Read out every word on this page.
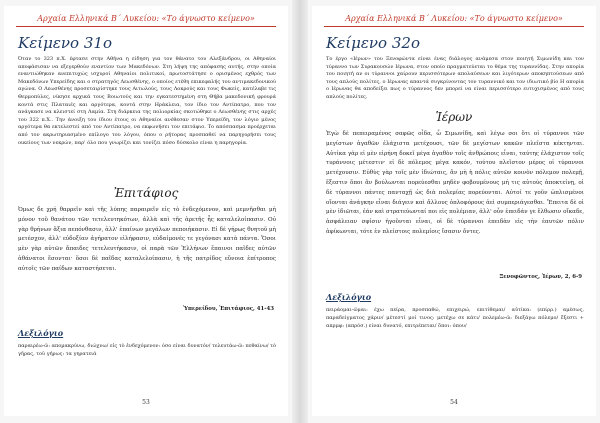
Αρχαία Ελληνικά Β΄ Λυκείου: «Το άγνωστο κείμενο»
Κείμενο 31ο
Όταν το 323 π.Χ. έφτασε στην Αθήνα η είδηση για τον θάνατο του Αλεξάνδρου, οι Αθηναίοι αποφάσισαν να εξεγερθούν εναντίον των Μακεδόνων. Στη λήψη της απόφασης αυτής, στην οποία εναντιώθηκαν ανεπιτυχώς ισχυροί Αθηναίοι πολιτικοί, πρωτοστάτησε ο ορισμένος εχθρός των Μακεδόνων Υπερείδης και ο στρατηγός Λεωσθένης, ο οποίος ετέθη επικεφαλής του αντιμακεδονικού αγώνα. Ο Λεωσθένης προσεταιρίστηκε τους Αιτωλούς, τους Λοκρούς και τους Φωκείς, κατέλαβε τις Θερμοπύλες, νίκησε αρχικά τους Βοιωτούς και την εγκατεστημένη στη Θήβα μακεδονική φρουρά κοντά στις Πλαταιές και αργότερα, κοντά στην Ηράκλεια, τον ίδιο τον Αντίπατρο, που τον ανάγκασε να κλειστεί στη Λαμία. Στη διάρκεια της πολιορκίας σκοτώθηκε ο Λεωσθένης στις αρχές του 322 π.Χ.. Την άνοιξη του ίδιου έτους οι Αθηναίοι ανέθεσαν στον Υπερείδη, τον λόγιο μένος αργότερα θα εκτελεστεί από τον Αντίπατρο, να εκφωνήσει τον επιτάφιο. Το απόσπασμα προέρχεται από τον ακρωτηριασμένο επίλογο του λόγου, όπου ο ρήτορας προσπαθεί να παρηγορήσει τους οικείους των νεκρών, παρ' όλο που γνωρίζει και τονίζει πόσο δύσκολο είναι η παρηγορία.
Ἐπιτάφιος
Ὁμως δε χρή θαρρεῖν καὶ τῆς λύπης παραιρεῖν εἰς τὸ ἐνδεχόμενον, καὶ μεμνῆσθαι μὴ μόνον τοῦ θανάτου τῶν τετελευτηκότων, ἀλλὰ καὶ τῆς ἀρετῆς ἧς καταλελοίπασιν. Οὐ γὰρ θρήνων ἄξια πεπόνθασιν, ἀλλ' ἐπαίνων μεγάλων πεποιήκασιν. Εἰ δὲ γήρως θνητοῦ μὴ μετέσχον, ἀλλ' εὐδοξίαν ἀγήρατον εἰλήφασιν, εὐδαίμονές τε γεγόνασι κατὰ πάντα. Ὅσοι μὲν γὰρ αὐτῶν ἄπαιδες τετελευτήκασιν, οἱ παρὰ τῶν Ἑλλήνων ἔπαινοι παῖδες αὐτῶν ἀθάνατοι ἔσονται· ὅσοι δὲ παῖδας καταλελοίπασιν, ἡ τῆς πατρίδος εὔνοια ἐπίτροπος αὐτοῖς τῶν παίδων καταστήσεται.
Ὑπερείδου, Ἐπιτάφιος, 41-43
Λεξιλόγιο
παραιρέω-ῶ: αποµακρύνω, διώχνω/ εἰς τὸ ἐνδεχόμενον: όσο είναι δυνατόν/ τελευτάω-ῶ: πεθαίνω/ τὸ γῆρας, τοῦ γήρως: τα γηρατειά
53
Αρχαία Ελληνικά Β΄ Λυκείου: «Το άγνωστο κείμενο»
Κείμενο 32ο
Το έργο «Ιέρων» του Ξενοφώντα είναι ένας διάλογος ανάμεσα στον ποιητή Σιμωνίδη και τον τύραννο των Συρακουσών Ιέρωνα, στον οποίο πραγματεύεται το θέμα της τυραννίδας. Στην απορία του ποιητή αν οι τύραννοι χαίρουν περισσότερων απολαύσεων και λιγότερων αποκηπτούσεων από τους απλούς πολίτες, ο Ιέρωνας απαντά συγκρίνοντας τον τυραννικό και τον ιδιωτικό βίο Η απορία ο Ιέρωνας θα αποδείξει πως ο τύραννος δεν μπορεί να είναι περισσότερο ευτυχισμένος από τους απλούς πολίτες.
Ἱέρων
Ἐγὼ δὲ πεπειραμένος σαφῶς οἶδα, ὦ Σιμωνίδη, καὶ λέγω σοι ὅτι οἱ τύραννοι τῶν μεγίστων ἀγαθῶν ἐλάχιστα μετέχουσι, τῶν δὲ μεγίστων κακῶν πλεῖστα κέκτηνται. Αὐτίκα γὰρ εἰ μὲν εἰρήνη δοκεῖ μέγα ἀγαθὸν τοῖς ἀνθρώποις εἶναι, ταύτης ἐλάχιστον τοῖς τυράννοις μέτεστιν· εἰ δὲ πόλεμος μέγα κακόν, τούτου πλεῖστον μέρος οἱ τύραννοι μετέχουσιν. Εὐθὺς γὰρ τοῖς μὲν ἰδιώταις, ἂν μὴ ἡ πόλις αὐτῶν κοινὸν πόλεμον πολεμῇ, ἔξεστιν ὅποι ἂν βούλωνται πορεύεσθαι μηδὲν φοβουμένους μή τις αὐτοὺς ἀποκτείνῃ, οἱ δὲ τύραννοι πάντες πανταχῇ ὡς διὰ πολεμίας πορεύονται. Αὐτοί τε γοῦν ὡπλισμένοι οἴονται ἀνάγκην εἶναι διάγειν καὶ ἄλλους ὁπλοφόρους ἀεὶ συμπεριάγεσθαι. Ἔπειτα δὲ οἱ μὲν ἰδιῶται, ἐάν καὶ στρατεύωνταί ποι εἰς πολέμιαν, ἀλλ' οὖν ἐπειδάν γε ἔλθωσιν οἴκαδε, ἀσφάλειαν σφίσιν ἡγοῦνται εἶναι, οἱ δὲ τύραννοι ἐπειδὰν εἰς τὴν ἑαυτῶν πόλιν ἀφίκωνται, τότε ἐν πλείστοις πολεμίοις ἴσασιν ὄντες.
Ξενοφῶντος, Ἱέρων, 2, 6-9
Λεξιλόγιο
πειράομαι-ῶμαι: έχω πείρα, προσπαθώ, επιχειρώ, επιτίθεμαι/ αὐτίκα: (επίρρ.) αμέσως, παραδείγματος χάριν/ μέτεστί μοί τινος: μετέχω σε κάτι/ πολεμέω-ῶ: διεξάγω πόλεμο/ ἔξεστι + απρμφ: (απρόσ.) είναι δυνατό, επιτρέπεται/ ὅποι: όπου/
54
